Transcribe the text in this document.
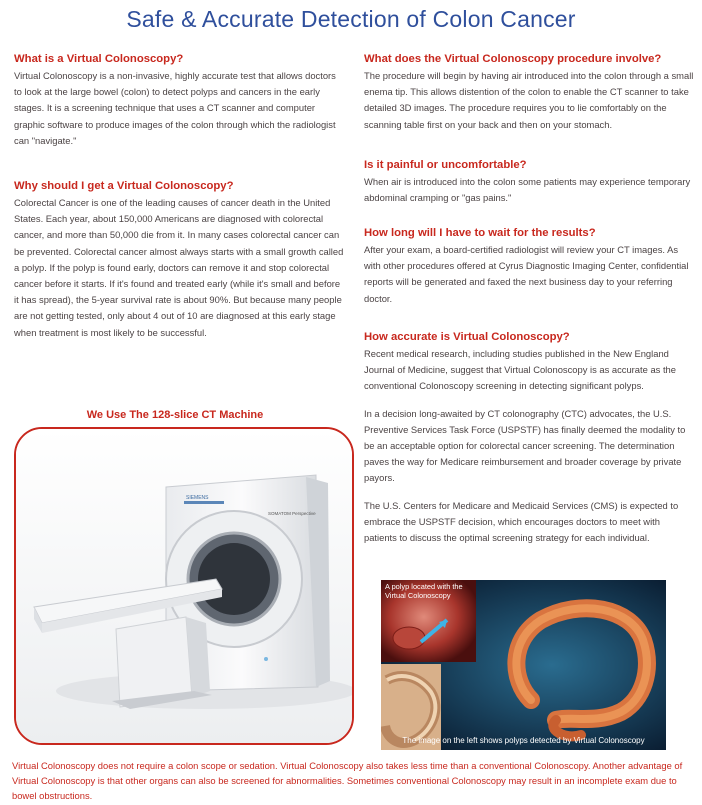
Safe & Accurate Detection of Colon Cancer
What is a Virtual Colonoscopy?
Virtual Colonoscopy is a non-invasive, highly accurate test that allows doctors to look at the large bowel (colon) to detect polyps and cancers in the early stages. It is a screening technique that uses a CT scanner and computer graphic software to produce images of the colon through which the radiologist can "navigate."
Why should I get a Virtual Colonoscopy?
Colorectal Cancer is one of the leading causes of cancer death in the United States. Each year, about 150,000 Americans are diagnosed with colorectal cancer, and more than 50,000 die from it. In many cases colorectal cancer can be prevented. Colorectal cancer almost always starts with a small growth called a polyp. If the polyp is found early, doctors can remove it and stop colorectal cancer before it starts. If it's found and treated early (while it's small and before it has spread), the 5-year survival rate is about 90%. But because many people are not getting tested, only about 4 out of 10 are diagnosed at this early stage when treatment is most likely to be successful.
We Use The 128-slice CT Machine
SIEMENS
SOMATOM Perspective
What does the Virtual Colonoscopy procedure involve?
The procedure will begin by having air introduced into the colon through a small enema tip. This allows distention of the colon to enable the CT scanner to take detailed 3D images. The procedure requires you to lie comfortably on the scanning table first on your back and then on your stomach.
Is it painful or uncomfortable?
When air is introduced into the colon some patients may experience temporary abdominal cramping or "gas pains."
How long will I have to wait for the results?
After your exam, a board-certified radiologist will review your CT images. As with other procedures offered at Cyrus Diagnostic Imaging Center, confidential reports will be generated and faxed the next business day to your referring doctor.
How accurate is Virtual Colonoscopy?
Recent medical research, including studies published in the New England Journal of Medicine, suggest that Virtual Colonoscopy is as accurate as the conventional Colonoscopy screening in detecting significant polyps.
In a decision long-awaited by CT colonography (CTC) advocates, the U.S. Preventive Services Task Force (USPSTF) has finally deemed the modality to be an acceptable option for colorectal cancer screening. The determination paves the way for Medicare reimbursement and broader coverage by private payors.
The U.S. Centers for Medicare and Medicaid Services (CMS) is expected to embrace the USPSTF decision, which encourages doctors to meet with patients to discuss the optimal screening strategy for each individual.
A polyp located with the Virtual Colonoscopy
The image on the left shows polyps detected by Virtual Colonoscopy
Virtual Colonoscopy does not require a colon scope or sedation. Virtual Colonoscopy also takes less time than a conventional Colonoscopy. Another advantage of Virtual Colonoscopy is that other organs can also be screened for abnormalities. Sometimes conventional Colonoscopy may result in an incomplete exam due to bowel obstructions.
